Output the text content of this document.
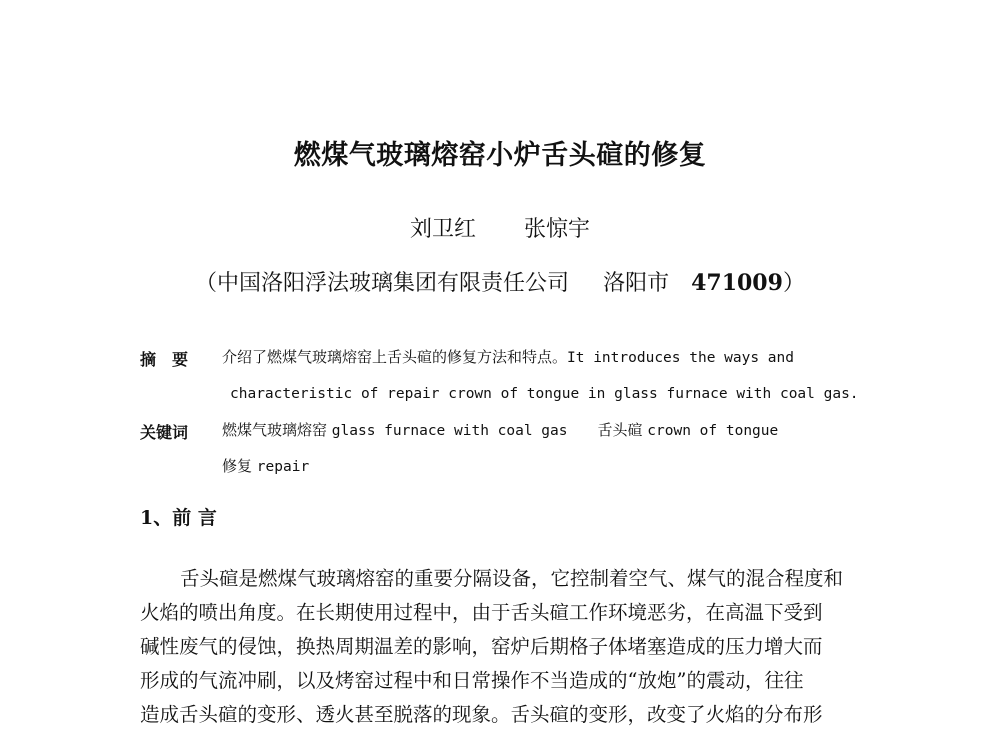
燃煤气玻璃熔窑小炉舌头碹的修复
刘卫红 张惊宇
（中国洛阳浮法玻璃集团有限责任公司 洛阳市 471009）
摘　要 介绍了燃煤气玻璃熔窑上舌头碹的修复方法和特点。It introduces the ways and
characteristic of repair crown of tongue in glass furnace with coal gas.
关键词 燃煤气玻璃熔窑 glass furnace with coal gas 舌头碹 crown of tongue
修复 repair
1、前 言
舌头碹是燃煤气玻璃熔窑的重要分隔设备，它控制着空气、煤气的混合程度和
火焰的喷出角度。在长期使用过程中，由于舌头碹工作环境恶劣，在高温下受到
碱性废气的侵蚀，换热周期温差的影响，窑炉后期格子体堵塞造成的压力增大而
形成的气流冲刷，以及烤窑过程中和日常操作不当造成的“放炮”的震动，往往
造成舌头碹的变形、透火甚至脱落的现象。舌头碹的变形，改变了火焰的分布形
